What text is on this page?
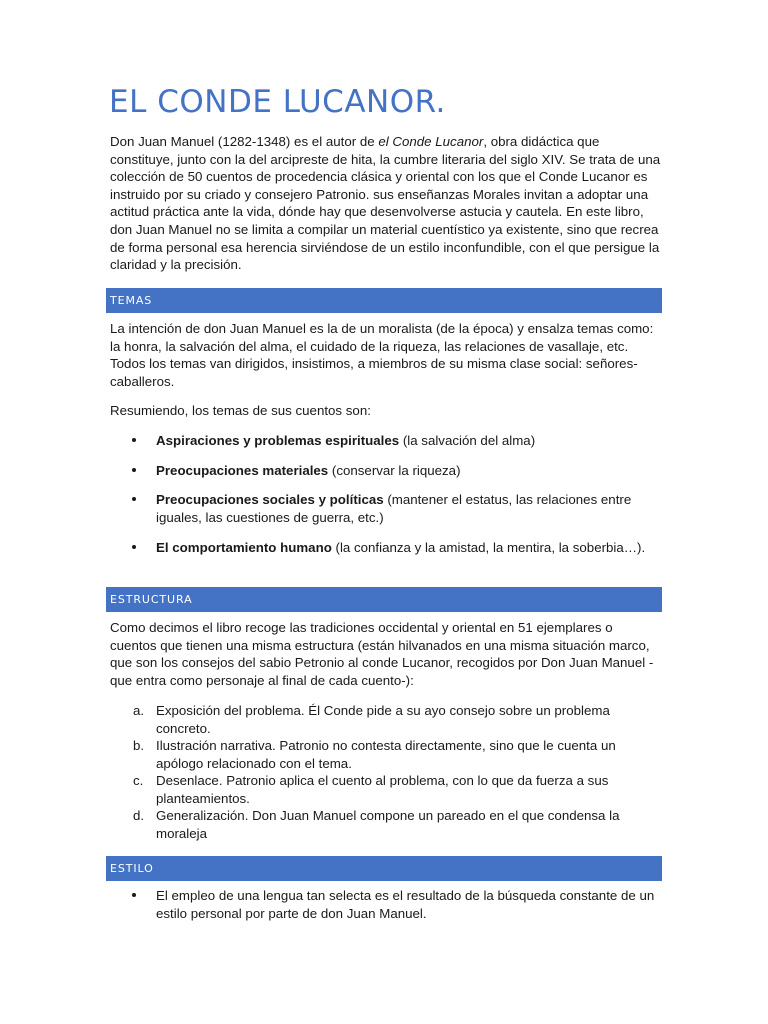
EL CONDE LUCANOR.

Don Juan Manuel (1282-1348) es el autor de el Conde Lucanor, obra didáctica que constituye, junto con la del arcipreste de hita, la cumbre literaria del siglo XIV. Se trata de una colección de 50 cuentos de procedencia clásica y oriental con los que el Conde Lucanor es instruido por su criado y consejero Patronio. sus enseñanzas Morales invitan a adoptar una actitud práctica ante la vida, dónde hay que desenvolverse astucia y cautela. En este libro, don Juan Manuel no se limita a compilar un material cuentístico ya existente, sino que recrea de forma personal esa herencia sirviéndose de un estilo inconfundible, con el que persigue la claridad y la precisión.

TEMAS

La intención de don Juan Manuel es la de un moralista (de la época) y ensalza temas como: la honra, la salvación del alma, el cuidado de la riqueza, las relaciones de vasallaje, etc. Todos los temas van dirigidos, insistimos, a miembros de su misma clase social: señores-caballeros.

Resumiendo, los temas de sus cuentos son:

Aspiraciones y problemas espirituales (la salvación del alma)
Preocupaciones materiales (conservar la riqueza)
Preocupaciones sociales y políticas (mantener el estatus, las relaciones entre iguales, las cuestiones de guerra, etc.)
El comportamiento humano (la confianza y la amistad, la mentira, la soberbia…).
ESTRUCTURA

Como decimos el libro recoge las tradiciones occidental y oriental en 51 ejemplares o cuentos que tienen una misma estructura (están hilvanados en una misma situación marco, que son los consejos del sabio Petronio al conde Lucanor, recogidos por Don Juan Manuel -que entra como personaje al final de cada cuento-):

a. Exposición del problema. Él Conde pide a su ayo consejo sobre un problema concreto.
b. Ilustración narrativa. Patronio no contesta directamente, sino que le cuenta un apólogo relacionado con el tema.
c. Desenlace. Patronio aplica el cuento al problema, con lo que da fuerza a sus planteamientos.
d. Generalización. Don Juan Manuel compone un pareado en el que condensa la moraleja
ESTILO
El empleo de una lengua tan selecta es el resultado de la búsqueda constante de un estilo personal por parte de don Juan Manuel.
